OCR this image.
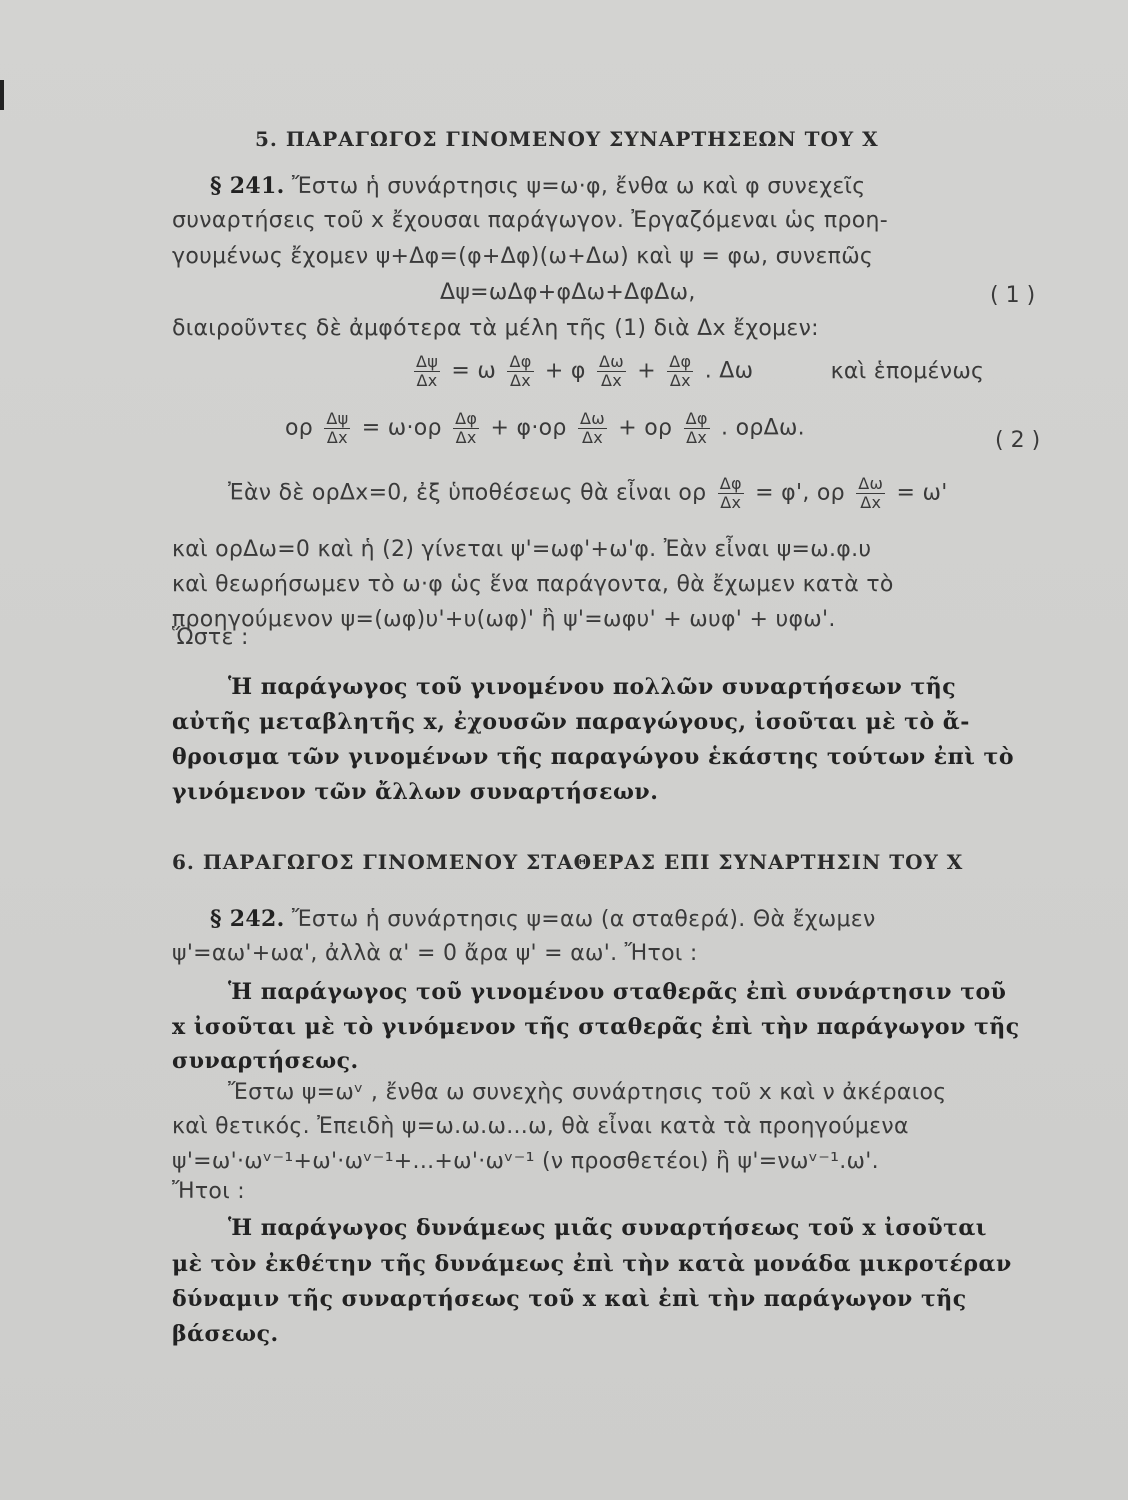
5. ΠΑΡΑΓΩΓΟΣ ΓΙΝΟΜΕΝΟΥ ΣΥΝΑΡΤΗΣΕΩΝ ΤΟΥ Χ
§ 241. Ἔστω ἡ συνάρτησις ψ=ω·φ, ἔνθα ω καὶ φ συνεχεῖς
συναρτήσεις τοῦ x ἔχουσαι παράγωγον. Ἐργαζόμεναι ὡς προη-
γουμένως ἔχομεν ψ+Δφ=(φ+Δφ)(ω+Δω) καὶ ψ = φω, συνεπῶς
Δψ=ωΔφ+φΔω+ΔφΔω,	( 1 )
διαιροῦντες δὲ ἀμφότερα τὰ μέλη τῆς (1) διὰ Δx ἔχομεν:
$\frac{\Delta\psi}{\Delta x} = \omega \frac{\Delta\varphi}{\Delta x} + \varphi \frac{\Delta\omega}{\Delta x} + \frac{\Delta\varphi}{\Delta x}$ . Δω	καὶ ἑπομένως
ορ $\frac{\Delta\psi}{\Delta x} = \omega\cdot o\rho \frac{\Delta\varphi}{\Delta x} + \varphi\cdot o\rho \frac{\Delta\omega}{\Delta x} + o\rho \frac{\Delta\varphi}{\Delta x}$ . ορΔω.	( 2 )
Ἐὰν δὲ ορΔx=0, ἐξ ὑποθέσεως θὰ εἶναι ορ $\frac{\Delta\varphi}{\Delta x} = \varphi'$, ορ $\frac{\Delta\omega}{\Delta x} = \omega'$
καὶ ορΔω=0 καὶ ἡ (2) γίνεται ψ'=ωφ'+ω'φ. Ἐὰν εἶναι ψ=ω.φ.υ
καὶ θεωρήσωμεν τὸ ω·φ ὡς ἕνα παράγοντα, θὰ ἔχωμεν κατὰ τὸ
προηγούμενον ψ=(ωφ)υ'+υ(ωφ)' ἢ ψ'=ωφυ' + ωυφ' + υφω'.
Ὥστε :
Ἡ παράγωγος τοῦ γινομένου πολλῶν συναρτήσεων τῆς
αὐτῆς μεταβλητῆς x, ἐχουσῶν παραγώγους, ἰσοῦται μὲ τὸ ἄ-
θροισμα τῶν γινομένων τῆς παραγώγου ἑκάστης τούτων ἐπὶ τὸ
γινόμενον τῶν ἄλλων συναρτήσεων.
6. ΠΑΡΑΓΩΓΟΣ ΓΙΝΟΜΕΝΟΥ ΣΤΑΘΕΡΑΣ ΕΠΙ ΣΥΝΑΡΤΗΣΙΝ ΤΟΥ Χ
§ 242. Ἔστω ἡ συνάρτησις ψ=αω (α σταθερά). Θὰ ἔχωμεν
ψ'=αω'+ωα', ἀλλὰ α' = 0 ἄρα ψ' = αω'. Ἤτοι :
Ἡ παράγωγος τοῦ γινομένου σταθερᾶς ἐπὶ συνάρτησιν τοῦ
x ἰσοῦται μὲ τὸ γινόμενον τῆς σταθερᾶς ἐπὶ τὴν παράγωγον τῆς
συναρτήσεως.
Ἔστω ψ=ωᵛ , ἔνθα ω συνεχὴς συνάρτησις τοῦ x καὶ ν ἀκέραιος
καὶ θετικός. Ἐπειδὴ ψ=ω.ω.ω...ω, θὰ εἶναι κατὰ τὰ προηγούμενα
ψ'=ω'·ωᵛ⁻¹+ω'·ωᵛ⁻¹+...+ω'·ωᵛ⁻¹ (ν προσθετέοι) ἢ ψ'=νωᵛ⁻¹.ω'.
Ἤτοι :
Ἡ παράγωγος δυνάμεως μιᾶς συναρτήσεως τοῦ x ἰσοῦται
μὲ τὸν ἐκθέτην τῆς δυνάμεως ἐπὶ τὴν κατὰ μονάδα μικροτέραν
δύναμιν τῆς συναρτήσεως τοῦ x καὶ ἐπὶ τὴν παράγωγον τῆς
βάσεως.
